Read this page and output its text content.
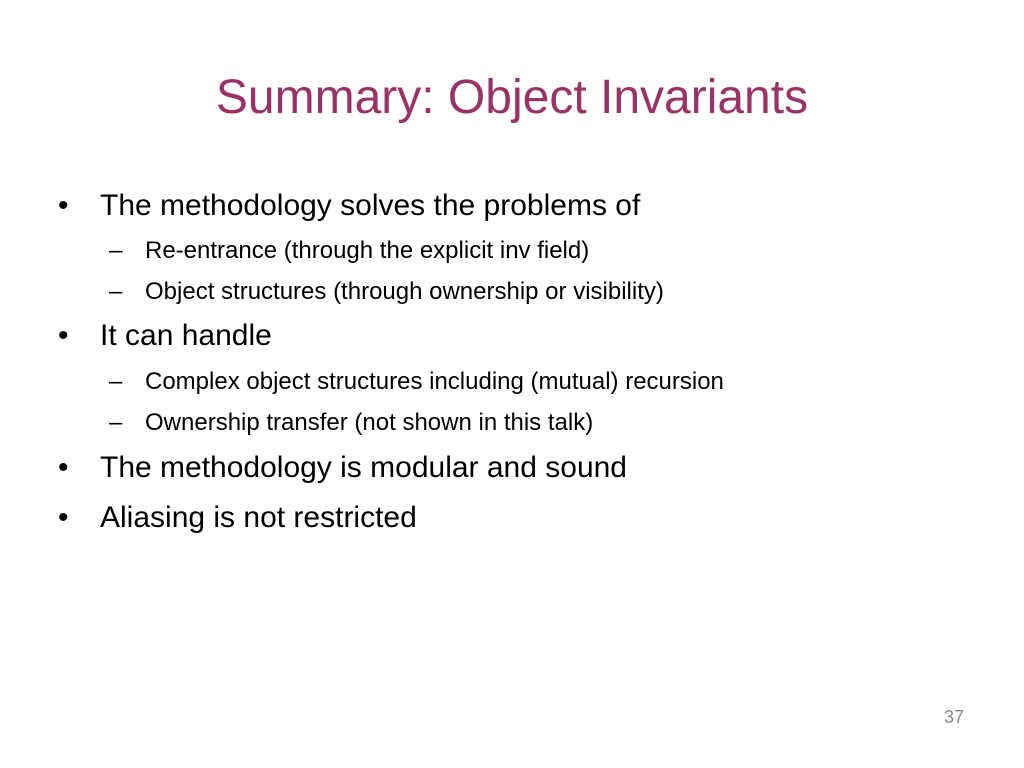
Summary: Object Invariants
•	The methodology solves the problems of
– Re-entrance (through the explicit inv field)
– Object structures (through ownership or visibility)
•	It can handle
– Complex object structures including (mutual) recursion
– Ownership transfer (not shown in this talk)
•	The methodology is modular and sound
•	Aliasing is not restricted
37
